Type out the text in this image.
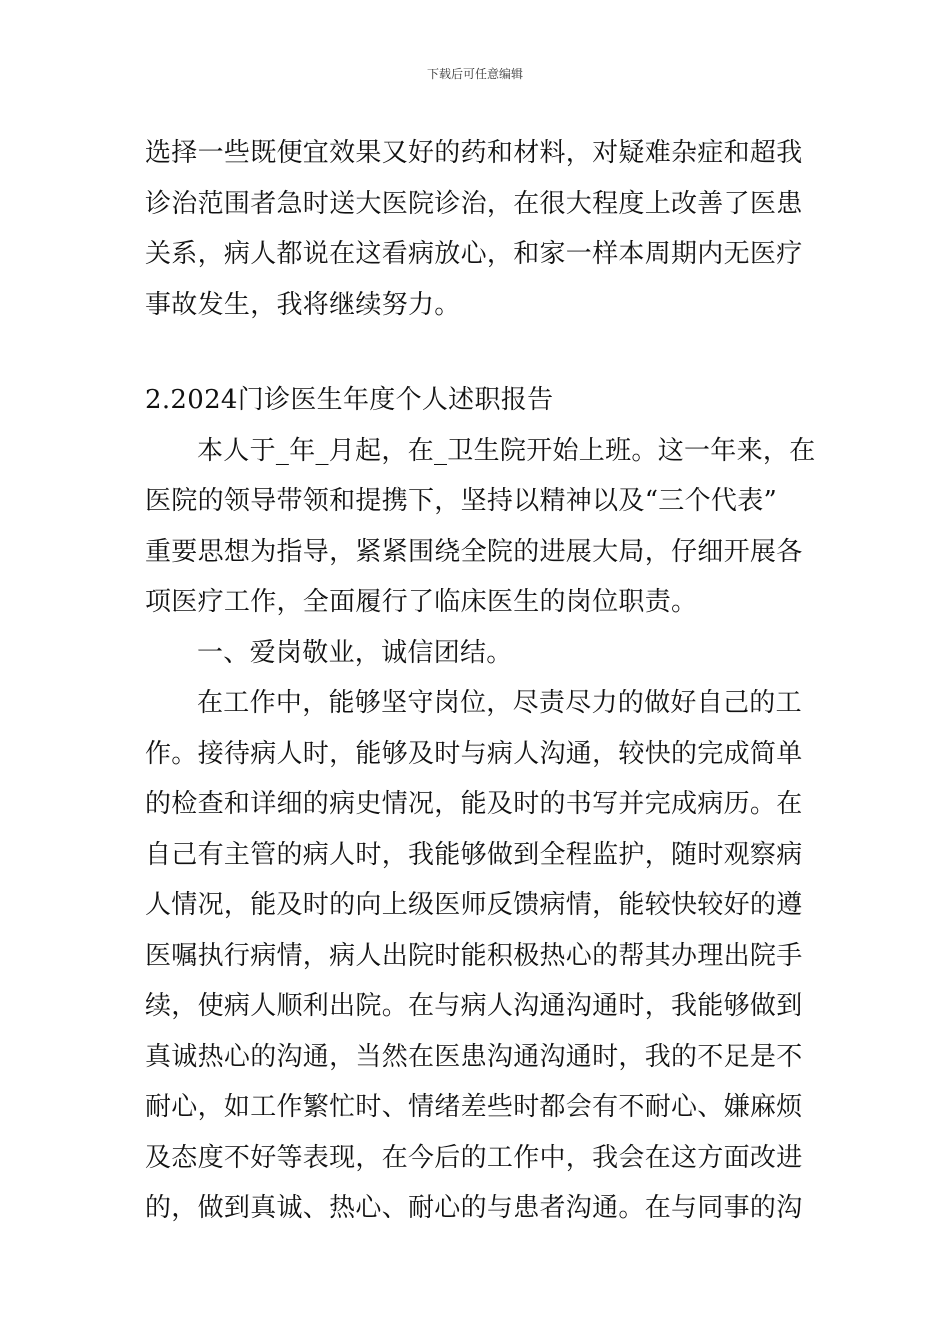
下载后可任意编辑
选择一些既便宜效果又好的药和材料，对疑难杂症和超我
诊治范围者急时送大医院诊治，在很大程度上改善了医患
关系，病人都说在这看病放心，和家一样本周期内无医疗
事故发生，我将继续努力。
2.2024门诊医生年度个人述职报告
本人于_年_月起，在_卫生院开始上班。这一年来，在
医院的领导带领和提携下，坚持以精神以及“三个代表”
重要思想为指导，紧紧围绕全院的进展大局，仔细开展各
项医疗工作，全面履行了临床医生的岗位职责。
一、爱岗敬业，诚信团结。
在工作中，能够坚守岗位，尽责尽力的做好自己的工
作。接待病人时，能够及时与病人沟通，较快的完成简单
的检查和详细的病史情况，能及时的书写并完成病历。在
自己有主管的病人时，我能够做到全程监护，随时观察病
人情况，能及时的向上级医师反馈病情，能较快较好的遵
医嘱执行病情，病人出院时能积极热心的帮其办理出院手
续，使病人顺利出院。在与病人沟通沟通时，我能够做到
真诚热心的沟通，当然在医患沟通沟通时，我的不足是不
耐心，如工作繁忙时、情绪差些时都会有不耐心、嫌麻烦
及态度不好等表现，在今后的工作中，我会在这方面改进
的，做到真诚、热心、耐心的与患者沟通。在与同事的沟
